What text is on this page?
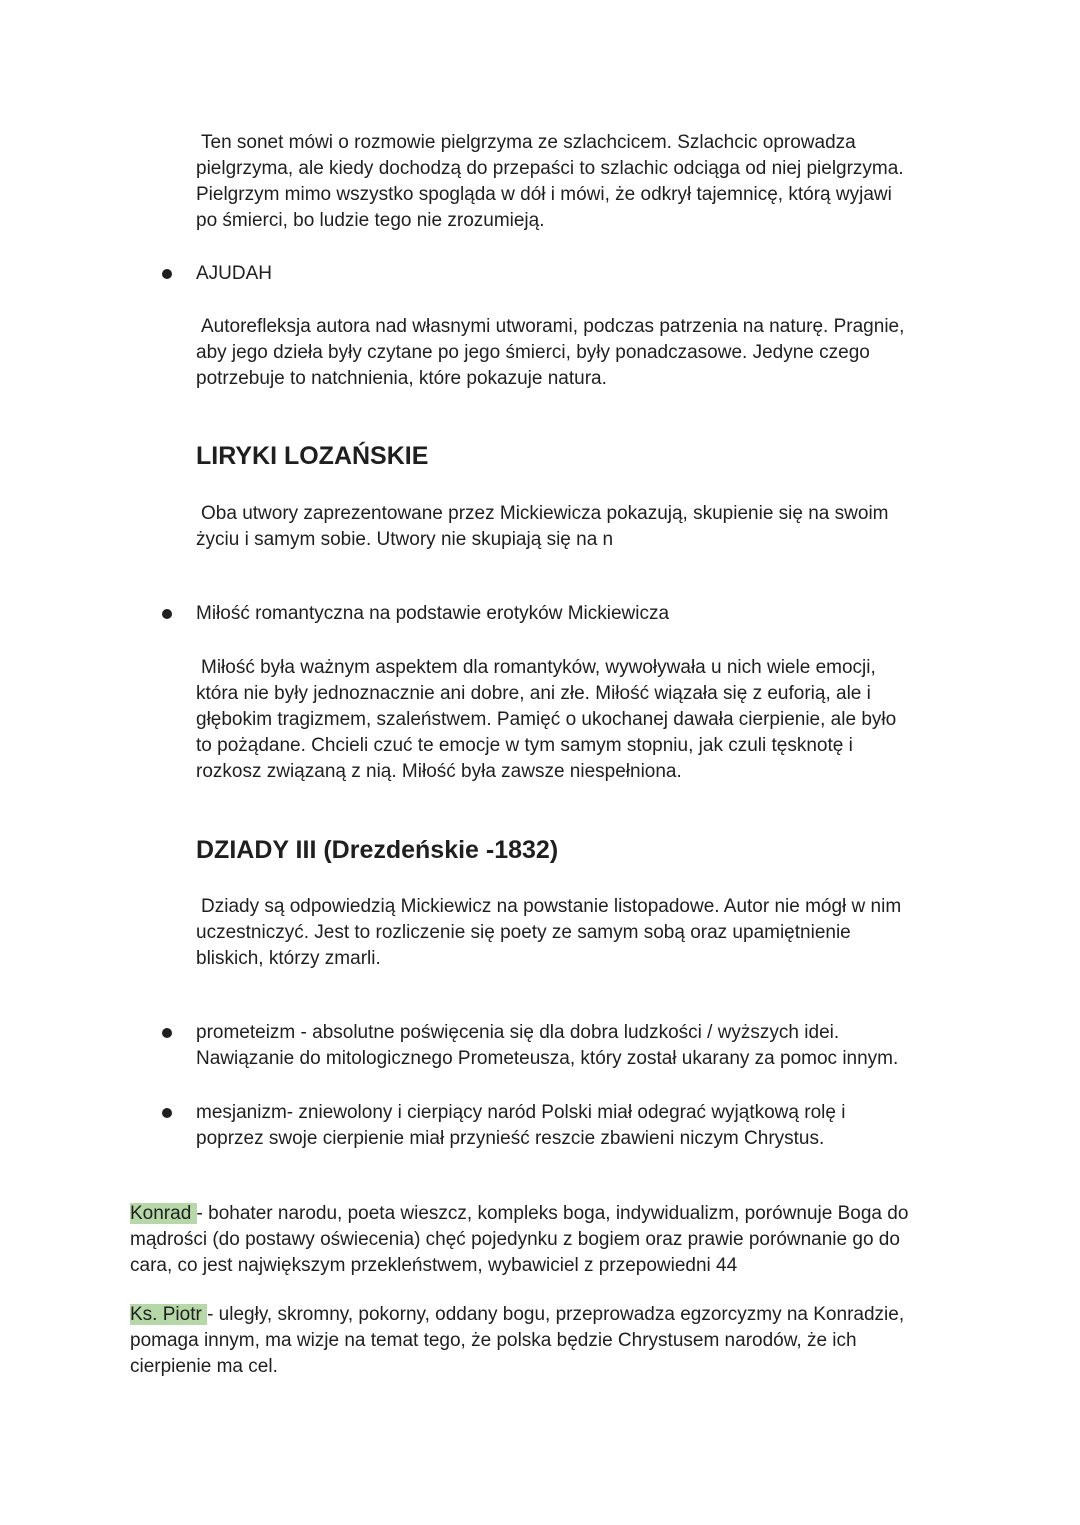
Ten sonet mówi o rozmowie pielgrzyma ze szlachcicem. Szlachcic oprowadza
pielgrzyma, ale kiedy dochodzą do przepaści to szlachic odciąga od niej pielgrzyma.
Pielgrzym mimo wszystko spogląda w dół i mówi, że odkrył tajemnicę, którą wyjawi
po śmierci, bo ludzie tego nie zrozumieją.

AJUDAH

Autorefleksja autora nad własnymi utworami, podczas patrzenia na naturę. Pragnie,
aby jego dzieła były czytane po jego śmierci, były ponadczasowe. Jedyne czego
potrzebuje to natchnienia, które pokazuje natura.

LIRYKI LOZAŃSKIE

Oba utwory zaprezentowane przez Mickiewicza pokazują, skupienie się na swoim
życiu i samym sobie. Utwory nie skupiają się na n

Miłość romantyczna na podstawie erotyków Mickiewicza

Miłość była ważnym aspektem dla romantyków, wywoływała u nich wiele emocji,
która nie były jednoznacznie ani dobre, ani złe. Miłość wiązała się z euforią, ale i
głębokim tragizmem, szaleństwem. Pamięć o ukochanej dawała cierpienie, ale było
to pożądane. Chcieli czuć te emocje w tym samym stopniu, jak czuli tęsknotę i
rozkosz związaną z nią. Miłość była zawsze niespełniona.

DZIADY III (Drezdeńskie -1832)

Dziady są odpowiedzią Mickiewicz na powstanie listopadowe. Autor nie mógł w nim
uczestniczyć. Jest to rozliczenie się poety ze samym sobą oraz upamiętnienie
bliskich, którzy zmarli.

prometeizm - absolutne poświęcenia się dla dobra ludzkości / wyższych idei.
Nawiązanie do mitologicznego Prometeusza, który został ukarany za pomoc innym.

mesjanizm- zniewolony i cierpiący naród Polski miał odegrać wyjątkową rolę i
poprzez swoje cierpienie miał przynieść reszcie zbawieni niczym Chrystus.

Konrad - bohater narodu, poeta wieszcz, kompleks boga, indywidualizm, porównuje Boga do
mądrości (do postawy oświecenia) chęć pojedynku z bogiem oraz prawie porównanie go do
cara, co jest największym przekleństwem, wybawiciel z przepowiedni 44

Ks. Piotr - uległy, skromny, pokorny, oddany bogu, przeprowadza egzorcyzmy na Konradzie,
pomaga innym, ma wizje na temat tego, że polska będzie Chrystusem narodów, że ich
cierpienie ma cel.
